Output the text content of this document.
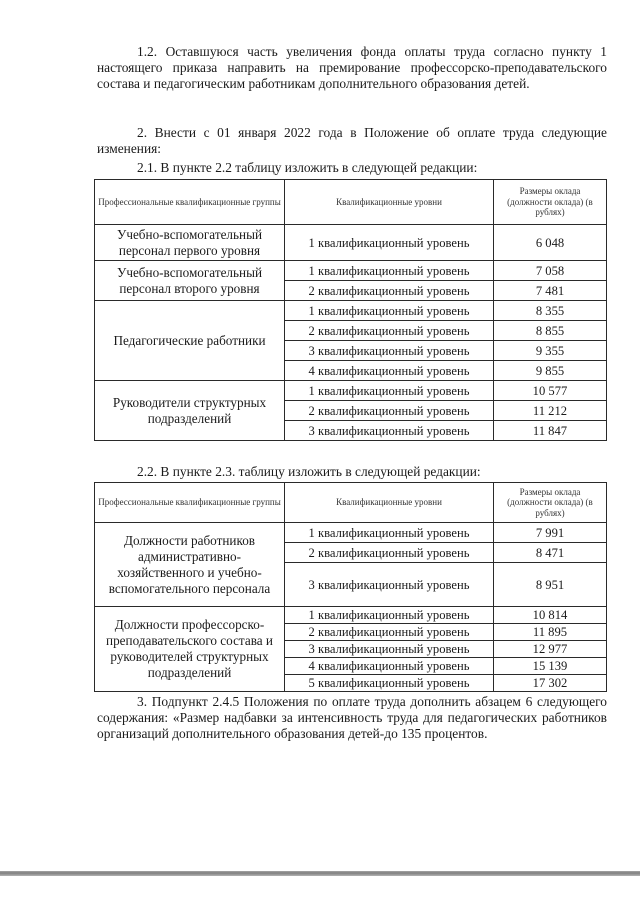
1.2. Оставшуюся часть увеличения фонда оплаты труда согласно пункту 1 настоящего приказа направить на премирование профессорско-преподавательского состава и педагогическим работникам дополнительного образования детей.

2. Внести с 01 января 2022 года в Положение об оплате труда следующие изменения:

2.1. В пункте 2.2 таблицу изложить в следующей редакции:

Профессиональные квалификационные группы	Квалификационные уровни	Размеры оклада (должности оклада) (в рублях)
Учебно-вспомогательный персонал первого уровня	1 квалификационный уровень	6 048
Учебно-вспомогательный персонал второго уровня	1 квалификационный уровень	7 058
	2 квалификационный уровень	7 481
Педагогические работники	1 квалификационный уровень	8 355
	2 квалификационный уровень	8 855
	3 квалификационный уровень	9 355
	4 квалификационный уровень	9 855
Руководители структурных подразделений	1 квалификационный уровень	10 577
	2 квалификационный уровень	11 212
	3 квалификационный уровень	11 847

2.2. В пункте 2.3. таблицу изложить в следующей редакции:

Профессиональные квалификационные группы	Квалификационные уровни	Размеры оклада (должности оклада) (в рублях)
Должности работников административно-хозяйственного и учебно-вспомогательного персонала	1 квалификационный уровень	7 991
	2 квалификационный уровень	8 471
	3 квалификационный уровень	8 951
Должности профессорско-преподавательского состава и руководителей структурных подразделений	1 квалификационный уровень	10 814
	2 квалификационный уровень	11 895
	3 квалификационный уровень	12 977
	4 квалификационный уровень	15 139
	5 квалификационный уровень	17 302

3. Подпункт 2.4.5 Положения по оплате труда дополнить абзацем 6 следующего содержания: «Размер надбавки за интенсивность труда для педагогических работников организаций дополнительного образования детей-до 135 процентов.
